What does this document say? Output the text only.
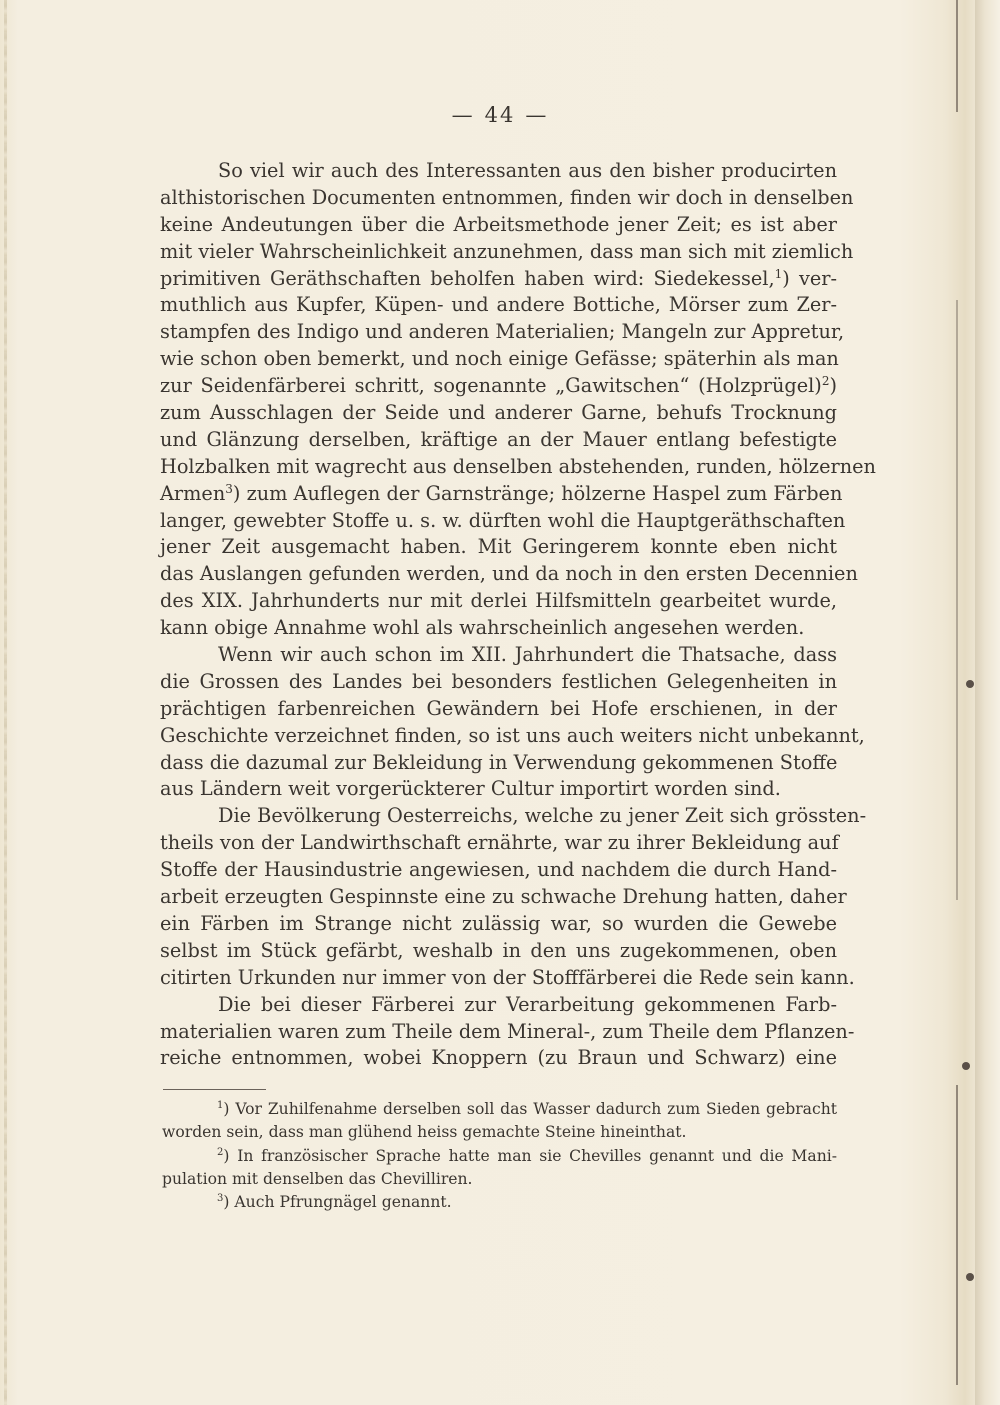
— 44 —
So viel wir auch des Interessanten aus den bisher producirten
althistorischen Documenten entnommen, finden wir doch in denselben
keine Andeutungen über die Arbeitsmethode jener Zeit; es ist aber
mit vieler Wahrscheinlichkeit anzunehmen, dass man sich mit ziemlich
primitiven Geräthschaften beholfen haben wird: Siedekessel,$^1$) ver-
muthlich aus Kupfer, Küpen- und andere Bottiche, Mörser zum Zer-
stampfen des Indigo und anderen Materialien; Mangeln zur Appretur,
wie schon oben bemerkt, und noch einige Gefässe; späterhin als man
zur Seidenfärberei schritt, sogenannte „Gawitschen“ (Holzprügel)$^2$)
zum Ausschlagen der Seide und anderer Garne, behufs Trocknung
und Glänzung derselben, kräftige an der Mauer entlang befestigte
Holzbalken mit wagrecht aus denselben abstehenden, runden, hölzernen
Armen$^3$) zum Auflegen der Garnstränge; hölzerne Haspel zum Färben
langer, gewebter Stoffe u. s. w. dürften wohl die Hauptgeräthschaften
jener Zeit ausgemacht haben. Mit Geringerem konnte eben nicht
das Auslangen gefunden werden, und da noch in den ersten Decennien
des XIX. Jahrhunderts nur mit derlei Hilfsmitteln gearbeitet wurde,
kann obige Annahme wohl als wahrscheinlich angesehen werden.
Wenn wir auch schon im XII. Jahrhundert die Thatsache, dass
die Grossen des Landes bei besonders festlichen Gelegenheiten in
prächtigen farbenreichen Gewändern bei Hofe erschienen, in der
Geschichte verzeichnet finden, so ist uns auch weiters nicht unbekannt,
dass die dazumal zur Bekleidung in Verwendung gekommenen Stoffe
aus Ländern weit vorgerückterer Cultur importirt worden sind.
Die Bevölkerung Oesterreichs, welche zu jener Zeit sich grössten-
theils von der Landwirthschaft ernährte, war zu ihrer Bekleidung auf
Stoffe der Hausindustrie angewiesen, und nachdem die durch Hand-
arbeit erzeugten Gespinnste eine zu schwache Drehung hatten, daher
ein Färben im Strange nicht zulässig war, so wurden die Gewebe
selbst im Stück gefärbt, weshalb in den uns zugekommenen, oben
citirten Urkunden nur immer von der Stofffärberei die Rede sein kann.
Die bei dieser Färberei zur Verarbeitung gekommenen Farb-
materialien waren zum Theile dem Mineral-, zum Theile dem Pflanzen-
reiche entnommen, wobei Knoppern (zu Braun und Schwarz) eine
$^1$) Vor Zuhilfenahme derselben soll das Wasser dadurch zum Sieden gebracht
worden sein, dass man glühend heiss gemachte Steine hineinthat.
$^2$) In französischer Sprache hatte man sie Chevilles genannt und die Mani-
pulation mit denselben das Chevilliren.
$^3$) Auch Pfrungnägel genannt.
